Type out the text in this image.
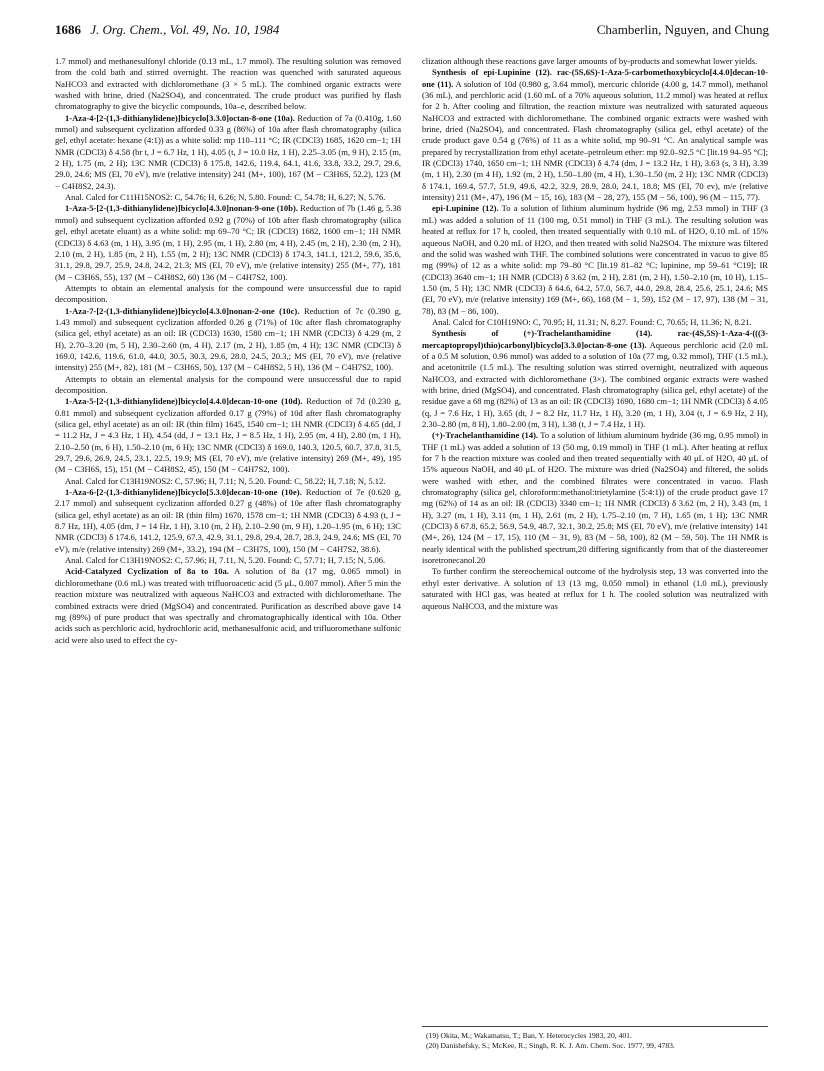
1686 J. Org. Chem., Vol. 49, No. 10, 1984	Chamberlin, Nguyen, and Chung

1.7 mmol) and methanesulfonyl chloride (0.13 mL, 1.7 mmol). The resulting solution was removed from the cold bath and stirred overnight. The reaction was quenched with saturated aqueous NaHCO3 and extracted with dichloromethane (3 × 5 mL). The combined organic extracts were washed with brine, dried (Na2SO4), and concentrated. The crude product was purified by flash chromatography to give the bicyclic compounds, 10a–e, described below.

1-Aza-4-[2-(1,3-dithianylidene)]bicyclo[3.3.0]octan-8-one (10a). Reduction of 7a (0.410g, 1.60 mmol) and subsequent cyclization afforded 0.33 g (86%) of 10a after flash chromatography (silica gel, ethyl acetate: hexane (4:1)) as a white solid: mp 110–111 °C; IR (CDCl3) 1685, 1620 cm−1; 1H NMR (CDCl3) δ 4.58 (br t, J = 6.7 Hz, 1 H), 4.05 (t, J = 10.0 Hz, 1 H), 2.25–3.05 (m, 9 H), 2.15 (m, 2 H), 1.75 (m, 2 H); 13C NMR (CDCl3) δ 175.8, 142.6, 119.4, 64.1, 41.6, 33.8, 33.2, 29.7, 29.6, 29.0, 24.6; MS (EI, 70 eV), m/e (relative intensity) 241 (M+, 100), 167 (M − C3H6S, 52.2), 123 (M − C4H8S2, 24.3).

Anal. Calcd for C11H15NOS2: C, 54.76; H, 6.26; N, 5.80. Found: C, 54.78; H, 6.27; N, 5.76.

1-Aza-5-[2-(1,3-dithianylidene)]bicyclo[4.3.0]nonan-9-one (10b). Reduction of 7b (1.46 g, 5.38 mmol) and subsequent cyclization afforded 0.92 g (70%) of 10b after flash chromatography (silica gel, ethyl acetate eluant) as a white solid: mp 69–70 °C; IR (CDCl3) 1682, 1600 cm−1; 1H NMR (CDCl3) δ 4.63 (m, 1 H), 3.95 (m, 1 H), 2.95 (m, 1 H), 2.80 (m, 4 H), 2.45 (m, 2 H), 2.30 (m, 2 H), 2.10 (m, 2 H), 1.85 (m, 2 H), 1.55 (m, 2 H); 13C NMR (CDCl3) δ 174.3, 141.1, 121.2, 59.6, 35.6, 31.1, 29.8, 29.7, 25.9, 24.8, 24.2, 21.3; MS (EI, 70 eV), m/e (relative intensity) 255 (M+, 77), 181 (M − C3H6S, 55), 137 (M − C4H8S2, 60) 136 (M − C4H7S2, 100).

Attempts to obtain an elemental analysis for the compound were unsuccessful due to rapid decomposition.

1-Aza-7-[2-(1,3-dithianylidene)]bicyclo[4.3.0]nonan-2-one (10c). Reduction of 7c (0.390 g, 1.43 mmol) and subsequent cyclization afforded 0.26 g (71%) of 10c after flash chromatography (silica gel, ethyl acetate) as an oil: IR (CDCl3) 1630, 1580 cm−1; 1H NMR (CDCl3) δ 4.29 (m, 2 H), 2.70–3.20 (m, 5 H), 2.30–2.60 (m, 4 H), 2.17 (m, 2 H), 1.85 (m, 4 H); 13C NMR (CDCl3) δ 169.0, 142.6, 119.6, 61.0, 44.0, 30.5, 30.3, 29.6, 28.0, 24.5, 20.3,; MS (EI, 70 eV), m/e (relative intensity) 255 (M+, 82), 181 (M − C3H6S, 50), 137 (M − C4H8S2, 5 H), 136 (M − C4H7S2, 100).

Attempts to obtain an elemental analysis for the compound were unsuccessful due to rapid decomposition.

1-Aza-5-[2-(1,3-dithianylidene)]bicyclo[4.4.0]decan-10-one (10d). Reduction of 7d (0.230 g, 0.81 mmol) and subsequent cyclization afforded 0.17 g (79%) of 10d after flash chromatography (silica gel, ethyl acetate) as an oil: IR (thin film) 1645, 1540 cm−1; 1H NMR (CDCl3) δ 4.65 (dd, J = 11.2 Hz, J = 4.3 Hz, 1 H), 4.54 (dd, J = 13.1 Hz, J = 8.5 Hz, 1 H), 2.95 (m, 4 H), 2.80 (m, 1 H), 2.10–2.50 (m, 6 H), 1.50–2.10 (m, 6 H); 13C NMR (CDCl3) δ 169.0, 140.3, 120.5, 60.7, 37.8, 31.5, 29.7, 29.6, 26.9, 24.5, 23.1, 22.5, 19.9; MS (EI, 70 eV), m/e (relative intensity) 269 (M+, 49), 195 (M − C3H6S, 15), 151 (M − C4H8S2, 45), 150 (M − C4H7S2, 100).

Anal. Calcd for C13H19NOS2: C, 57.96; H, 7.11; N, 5.20. Found: C, 58.22; H, 7.18; N, 5.12.

1-Aza-6-[2-(1,3-dithianylidene)]bicyclo[5.3.0]decan-10-one (10e). Reduction of 7e (0.620 g, 2.17 mmol) and subsequent cyclization afforded 0.27 g (48%) of 10e after flash chromatography (silica gel, ethyl acetate) as an oil: IR (thin film) 1670, 1578 cm−1; 1H NMR (CDCl3) δ 4.93 (t, J = 8.7 Hz, 1H), 4.05 (dm, J = 14 Hz, 1 H), 3.10 (m, 2 H), 2.10–2.90 (m, 9 H), 1.20–1.95 (m, 6 H); 13C NMR (CDCl3) δ 174.6, 141.2, 125.9, 67.3, 42.9, 31.1, 29.8, 29.4, 28.7, 28.3, 24.9, 24.6; MS (EI, 70 eV), m/e (relative intensity) 269 (M+, 33.2), 194 (M − C3H7S, 100), 150 (M − C4H7S2, 38.6).

Anal. Calcd for C13H19NOS2: C, 57.96; H, 7.11, N, 5.20. Found: C, 57.71; H, 7.15; N, 5.06.

Acid-Catalyzed Cyclization of 8a to 10a. A solution of 8a (17 mg, 0.065 mmol) in dichloromethane (0.6 mL) was treated with trifluoroacetic acid (5 μL, 0.007 mmol). After 5 min the reaction mixture was neutralized with aqueous NaHCO3 and extracted with dichloromethane. The combined extracts were dried (MgSO4) and concentrated. Purification as described above gave 14 mg (89%) of pure product that was spectrally and chromatographically identical with 10a. Other acids such as perchloric acid, hydrochloric acid, methanesulfonic acid, and trifluoromethane sulfonic acid were also used to effect the cy-

clization although these reactions gave larger amounts of by-products and somewhat lower yields.

Synthesis of epi-Lupinine (12). rac-(5S,6S)-1-Aza-5-carbomethoxybicyclo[4.4.0]decan-10-one (11). A solution of 10d (0.980 g, 3.64 mmol), mercuric chloride (4.00 g, 14.7 mmol), methanol (36 mL), and perchloric acid (1.60 mL of a 70% aqueous solution, 11.2 mmol) was heated at reflux for 2 h. After cooling and filtration, the reaction mixture was neutralized with saturated aqueous NaHCO3 and extracted with dichloromethane. The combined organic extracts were washed with brine, dried (Na2SO4), and concentrated. Flash chromatography (silica gel, ethyl acetate) of the crude product gave 0.54 g (76%) of 11 as a white solid, mp 90–91 °C. An analytical sample was prepared by recrystallization from ethyl acetate–petroleum ether: mp 92.0–92.5 °C [lit.19 94–95 °C]; IR (CDCl3) 1740, 1650 cm−1; 1H NMR (CDCl3) δ 4.74 (dm, J = 13.2 Hz, 1 H), 3.63 (s, 3 H), 3.39 (m, 1 H), 2.30 (m 4 H), 1.92 (m, 2 H), 1.50–1.80 (m, 4 H), 1.30–1.50 (m, 2 H); 13C NMR (CDCl3) δ 174.1, 169.4, 57.7, 51.9, 49.6, 42.2, 32.9, 28.9, 28.0, 24.1, 18.8; MS (EI, 70 ev), m/e (relative intensity) 211 (M+, 47), 196 (M − 15, 16), 183 (M − 28, 27), 155 (M − 56, 100), 96 (M − 115, 77).

epi-Lupinine (12). To a solution of lithium aluminum hydride (96 mg, 2.53 mmol) in THF (3 mL) was added a solution of 11 (100 mg, 0.51 mmol) in THF (3 mL). The resulting solution was heated at reflux for 17 h, cooled, then treated sequentially with 0.10 mL of H2O, 0.10 mL of 15% aqueous NaOH, and 0.20 mL of H2O, and then treated with solid Na2SO4. The mixture was filtered and the solid was washed with THF. The combined solutions were concentrated in vacuo to give 85 mg (99%) of 12 as a white solid: mp 79–80 °C [lit.19 81–82 °C; lupinine, mp 59–61 °C19]; IR (CDCl3) 3640 cm−1; 1H NMR (CDCl3) δ 3.62 (m, 2 H), 2.81 (m, 2 H), 1.50–2.10 (m, 10 H), 1.15–1.50 (m, 5 H); 13C NMR (CDCl3) δ 64.6, 64.2, 57.0, 56.7, 44.0, 29.8, 28.4, 25.6, 25.1, 24.6; MS (EI, 70 eV), m/e (relative intensity) 169 (M+, 66), 168 (M − 1, 59), 152 (M − 17, 97), 138 (M − 31, 78), 83 (M − 86, 100).

Anal. Calcd for C10H19NO: C, 70.95; H, 11.31; N, 8.27. Found: C, 70.65; H, 11.36; N, 8.21.

Synthesis of (+)-Trachelanthamidine (14). rac-(4S,5S)-1-Aza-4-(((3-mercaptopropyl)thio)carbonyl)bicyclo[3.3.0]octan-8-one (13). Aqueous perchloric acid (2.0 mL of a 0.5 M solution, 0.96 mmol) was added to a solution of 10a (77 mg, 0.32 mmol), THF (1.5 mL), and acetonitrile (1.5 mL). The resulting solution was stirred overnight, neutralized with aqueous NaHCO3, and extracted with dichloromethane (3×). The combined organic extracts were washed with brine, dried (MgSO4), and concentrated. Flash chromatography (silica gel, ethyl acetate) of the residue gave a 68 mg (82%) of 13 as an oil: IR (CDCl3) 1690, 1680 cm−1; 1H NMR (CDCl3) δ 4.05 (q, J = 7.6 Hz, 1 H), 3.65 (dt, J = 8.2 Hz, 11.7 Hz, 1 H), 3.20 (m, 1 H), 3.04 (t, J = 6.9 Hz, 2 H), 2.30–2.80 (m, 8 H), 1.80–2.00 (m, 3 H), 1.38 (t, J = 7.4 Hz, 1 H).

(+)-Trachelanthamidine (14). To a solution of lithium aluminum hydride (36 mg, 0.95 mmol) in THF (1 mL) was added a solution of 13 (50 mg, 0.19 mmol) in THF (1 mL). After heating at reflux for 7 h the reaction mixture was cooled and then treated sequentially with 40 μL of H2O, 40 μL of 15% aqueous NaOH, and 40 μL of H2O. The mixture was dried (Na2SO4) and filtered, the solids were washed with ether, and the combined filtrates were concentrated in vacuo. Flash chromatography (silica gel, chloroform:methanol:trietylamine (5:4:1)) of the crude product gave 17 mg (62%) of 14 as an oil: IR (CDCl3) 3340 cm−1; 1H NMR (CDCl3) δ 3.62 (m, 2 H), 3.43 (m, 1 H), 3.27 (m, 1 H), 3.11 (m, 1 H), 2.61 (m, 2 H), 1.75–2.10 (m, 7 H), 1.65 (m, 1 H); 13C NMR (CDCl3) δ 67.8, 65.2, 56.9, 54.9, 48.7, 32.1, 30.2, 25.8; MS (EI, 70 eV), m/e (relative intensity) 141 (M+, 26), 124 (M − 17, 15), 110 (M − 31, 9), 83 (M − 58, 100), 82 (M − 59, 50). The 1H NMR is nearly identical with the published spectrum,20 differing significantly from that of the diastereomer isoretronecanol.20

To further confirm the stereochemical outcome of the hydrolysis step, 13 was converted into the ethyl ester derivative. A solution of 13 (13 mg, 0.050 mmol) in ethanol (1.0 mL), previously saturated with HCl gas, was heated at reflux for 1 h. The cooled solution was neutralized with aqueous NaHCO3, and the mixture was

(19) Okita, M.; Wakamatsu, T.; Ban, Y. Heterocycles 1983, 20, 401.

(20) Danishefsky, S.; McKee, R.; Singh, R. K. J. Am. Chem. Soc. 1977, 99, 4783.
